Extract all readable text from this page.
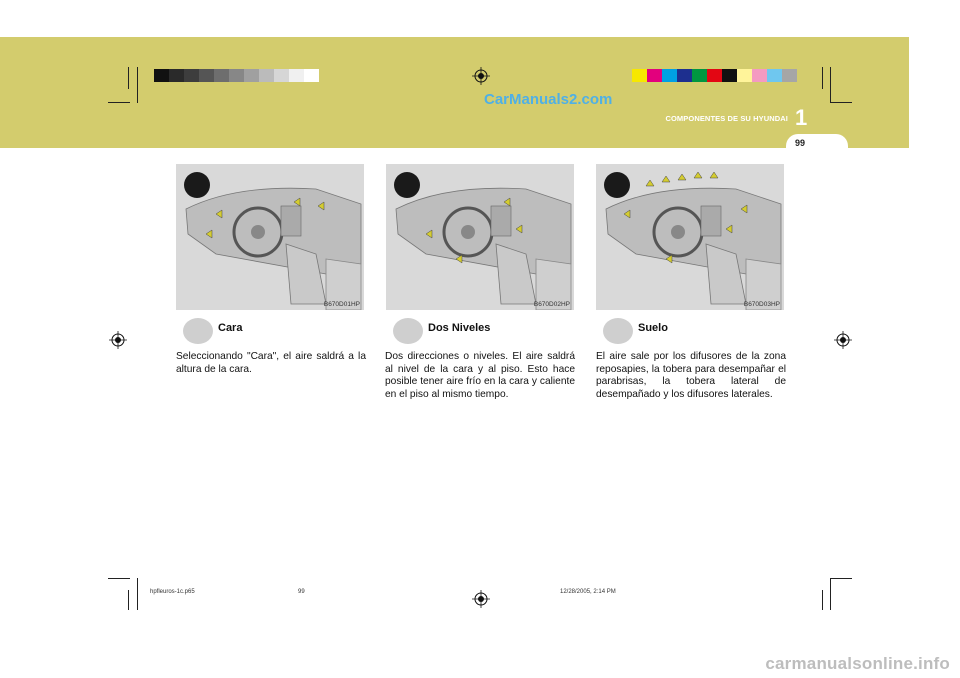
CarManuals2.com
COMPONENTES DE SU HYUNDAI 1
99
B670D01HP
Cara
Seleccionando "Cara", el aire saldrá a la altura de la cara.
B670D02HP
Dos Niveles
Dos direcciones o niveles. El aire saldrá al nivel de la cara y al piso. Esto hace posible tener aire frío en la cara y caliente en el piso al mismo tiempo.
B670D03HP
Suelo
El aire sale por los difusores de la zona reposapies, la tobera para desempañar el parabrisas, la tobera lateral de desempañado y los difusores laterales.
hpfleuros-1c.p65	99	12/28/2005, 2:14 PM
carmanualsonline.info
